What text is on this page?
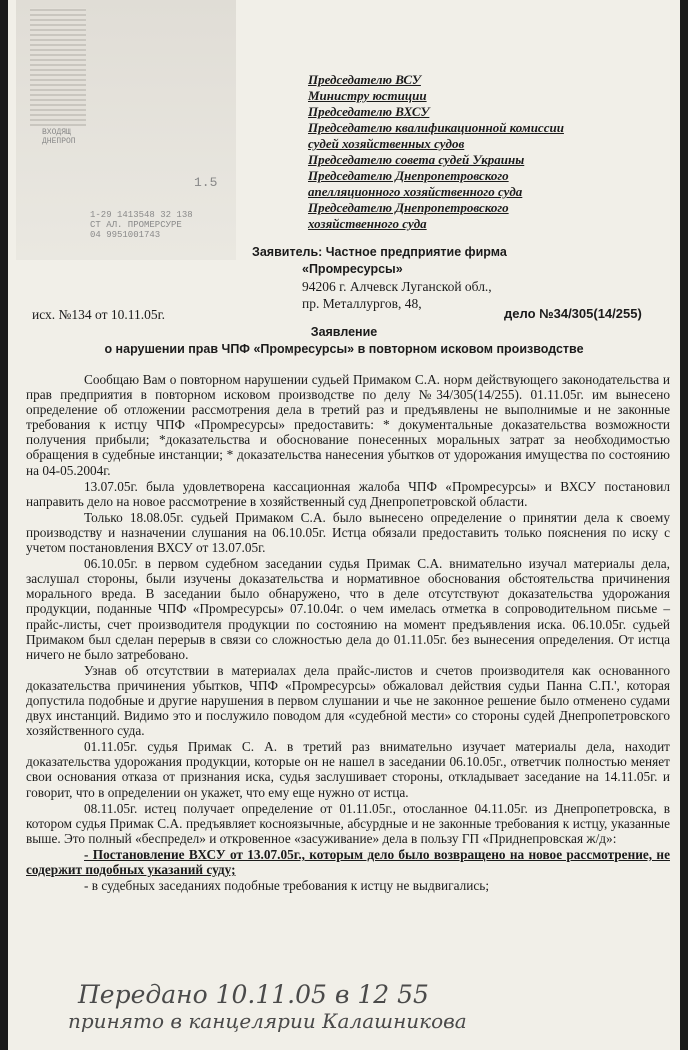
ВХОДЯЩ
ДНЕПРОП
1.5
1-29 1413548 32 138
СТ АЛ. ПРОМЕРСУРЕ
04 9951001743
Председателю ВСУ
Министру юстиции
Председателю ВХСУ
Председателю квалификационной комиссии
судей хозяйственных судов
Председателю совета судей Украины
Председателю Днепропетровского
апелляционного хозяйственного суда
Председателю Днепропетровского
хозяйственного суда
Заявитель: Частное предприятие фирма
«Промресурсы»
94206 г. Алчевск Луганской обл.,
пр. Металлургов, 48,
исх. №134 от 10.11.05г.	дело №34/305(14/255)
Заявление
о нарушении прав ЧПФ «Промресурсы» в повторном исковом производстве

Сообщаю Вам о повторном нарушении судьей Примаком С.А. норм действующего законодательства и прав предприятия в повторном исковом производстве по делу №34/305(14/255). 01.11.05г. им вынесено определение об отложении рассмотрения дела в третий раз и предъявлены не выполнимые и не законные требования к истцу ЧПФ «Промресурсы» предоставить: * документальные доказательства возможности получения прибыли; *доказательства и обоснование понесенных моральных затрат за необходимостью обращения в судебные инстанции; * доказательства нанесения убытков от удорожания имущества по состоянию на 04-05.2004г.

13.07.05г. была удовлетворена кассационная жалоба ЧПФ «Промресурсы» и ВХСУ постановил направить дело на новое рассмотрение в хозяйственный суд Днепропетровской области.

Только 18.08.05г. судьей Примаком С.А. было вынесено определение о принятии дела к своему производству и назначении слушания на 06.10.05г. Истца обязали предоставить только пояснения по иску с учетом постановления ВХСУ от 13.07.05г.

06.10.05г. в первом судебном заседании судья Примак С.А. внимательно изучал материалы дела, заслушал стороны, были изучены доказательства и нормативное обоснования обстоятельства причинения морального вреда. В заседании было обнаружено, что в деле отсутствуют доказательства удорожания продукции, поданные ЧПФ «Промресурсы» 07.10.04г. о чем имелась отметка в сопроводительном письме – прайс-листы, счет производителя продукции по состоянию на момент предъявления иска. 06.10.05г. судьей Примаком был сделан перерыв в связи со сложностью дела до 01.11.05г. без вынесения определения. От истца ничего не было затребовано.

Узнав об отсутствии в материалах дела прайс-листов и счетов производителя как основанного доказательства причинения убытков, ЧПФ «Промресурсы» обжаловал действия судьи Панна С.П.', которая допустила подобные и другие нарушения в первом слушании и чье не законное решение было отменено судами двух инстанций. Видимо это и послужило поводом для «судебной мести» со стороны судей Днепропетровского хозяйственного суда.

01.11.05г. судья Примак С. А. в третий раз внимательно изучает материалы дела, находит доказательства удорожания продукции, которые он не нашел в заседании 06.10.05г., ответчик полностью меняет свои основания отказа от признания иска, судья заслушивает стороны, откладывает заседание на 14.11.05г. и говорит, что в определении он укажет, что ему еще нужно от истца.

08.11.05г. истец получает определение от 01.11.05г., отосланное 04.11.05г. из Днепропетровска, в котором судья Примак С.А. предъявляет косноязычные, абсурдные и не законные требования к истцу, указанные выше. Это полный «беспредел» и откровенное «засуживание» дела в пользу ГП «Приднепровская ж/д»:

- Постановление ВХСУ от 13.07.05г., которым дело было возвращено на новое рассмотрение, не содержит подобных указаний суду;

- в судебных заседаниях подобные требования к истцу не выдвигались;

Передано 10.11.05 в 12 55
принято в канцелярии Калашникова
